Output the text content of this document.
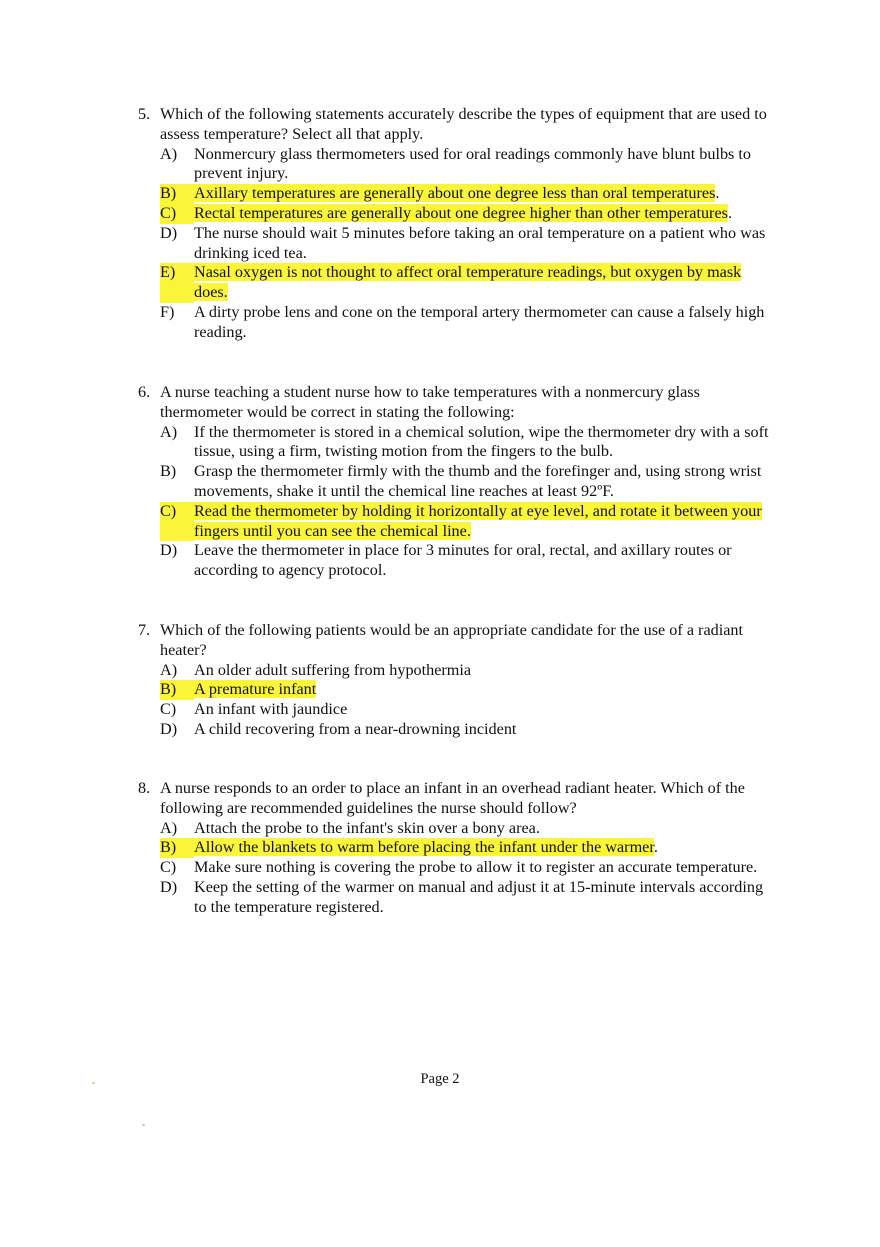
5. Which of the following statements accurately describe the types of equipment that are used to assess temperature? Select all that apply.
A)	Nonmercury glass thermometers used for oral readings commonly have blunt bulbs to prevent injury.
B)	Axillary temperatures are generally about one degree less than oral temperatures.
C)	Rectal temperatures are generally about one degree higher than other temperatures.
D)	The nurse should wait 5 minutes before taking an oral temperature on a patient who was drinking iced tea.
E)	Nasal oxygen is not thought to affect oral temperature readings, but oxygen by mask does.
F)	A dirty probe lens and cone on the temporal artery thermometer can cause a falsely high reading.
6. A nurse teaching a student nurse how to take temperatures with a nonmercury glass thermometer would be correct in stating the following:
A)	If the thermometer is stored in a chemical solution, wipe the thermometer dry with a soft tissue, using a firm, twisting motion from the fingers to the bulb.
B)	Grasp the thermometer firmly with the thumb and the forefinger and, using strong wrist movements, shake it until the chemical line reaches at least 92ºF.
C)	Read the thermometer by holding it horizontally at eye level, and rotate it between your fingers until you can see the chemical line.
D)	Leave the thermometer in place for 3 minutes for oral, rectal, and axillary routes or according to agency protocol.
7. Which of the following patients would be an appropriate candidate for the use of a radiant heater?
A)	An older adult suffering from hypothermia
B)	A premature infant
C)	An infant with jaundice
D)	A child recovering from a near-drowning incident
8. A nurse responds to an order to place an infant in an overhead radiant heater. Which of the following are recommended guidelines the nurse should follow?
A)	Attach the probe to the infant's skin over a bony area.
B)	Allow the blankets to warm before placing the infant under the warmer.
C)	Make sure nothing is covering the probe to allow it to register an accurate temperature.
D)	Keep the setting of the warmer on manual and adjust it at 15-minute intervals according to the temperature registered.
Page 2
